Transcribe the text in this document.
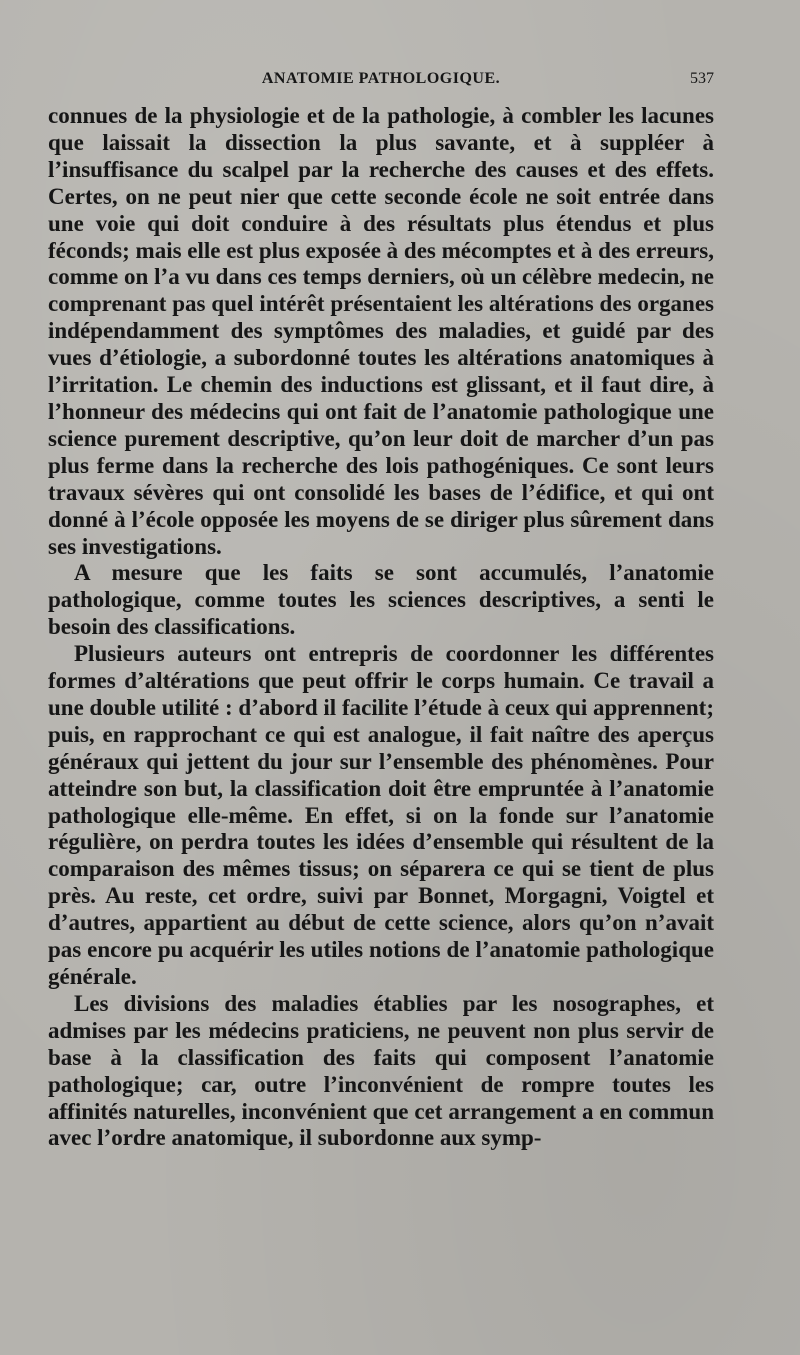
ANATOMIE PATHOLOGIQUE.	537

connues de la physiologie et de la pathologie, à combler les lacunes que laissait la dissection la plus savante, et à suppléer à l’insuffisance du scalpel par la recherche des causes et des effets. Certes, on ne peut nier que cette seconde école ne soit entrée dans une voie qui doit conduire à des résultats plus étendus et plus féconds; mais elle est plus exposée à des mécomptes et à des erreurs, comme on l’a vu dans ces temps derniers, où un célèbre medecin, ne comprenant pas quel intérêt présentaient les altérations des organes indépendamment des symptômes des maladies, et guidé par des vues d’étiologie, a subordonné toutes les altérations anatomiques à l’irritation. Le chemin des inductions est glissant, et il faut dire, à l’honneur des médecins qui ont fait de l’anatomie pathologique une science purement descriptive, qu’on leur doit de marcher d’un pas plus ferme dans la recherche des lois pathogéniques. Ce sont leurs travaux sévères qui ont consolidé les bases de l’édifice, et qui ont donné à l’école opposée les moyens de se diriger plus sûrement dans ses investigations.

A mesure que les faits se sont accumulés, l’anatomie pathologique, comme toutes les sciences descriptives, a senti le besoin des classifications.

Plusieurs auteurs ont entrepris de coordonner les différentes formes d’altérations que peut offrir le corps humain. Ce travail a une double utilité : d’abord il facilite l’étude à ceux qui apprennent; puis, en rapprochant ce qui est analogue, il fait naître des aperçus généraux qui jettent du jour sur l’ensemble des phénomènes. Pour atteindre son but, la classification doit être empruntée à l’anatomie pathologique elle-même. En effet, si on la fonde sur l’anatomie régulière, on perdra toutes les idées d’ensemble qui résultent de la comparaison des mêmes tissus; on séparera ce qui se tient de plus près. Au reste, cet ordre, suivi par Bonnet, Morgagni, Voigtel et d’autres, appartient au début de cette science, alors qu’on n’avait pas encore pu acquérir les utiles notions de l’anatomie pathologique générale.

Les divisions des maladies établies par les nosographes, et admises par les médecins praticiens, ne peuvent non plus servir de base à la classification des faits qui composent l’anatomie pathologique; car, outre l’inconvénient de rompre toutes les affinités naturelles, inconvénient que cet arrangement a en commun avec l’ordre anatomique, il subordonne aux symp-
